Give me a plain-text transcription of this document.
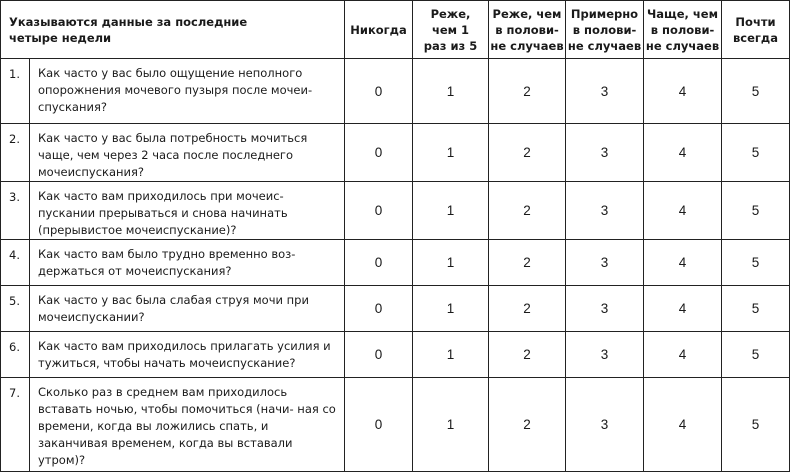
Указываются данные за последние четыре недели		Никогда	Реже, чем 1 раз из 5	Реже, чем в полови- не случаев	Примерно в полови- не случаев	Чаще, чем в полови- не случаев	Почти всегда

1.	Как часто у вас было ощущение неполного опорожнения мочевого пузыря после мочеи- спускания?	0	1	2	3	4	5
2.	Как часто у вас была потребность мочиться чаще, чем через 2 часа после последнего мочеиспускания?	0	1	2	3	4	5
3.	Как часто вам приходилось при мочеис- пускании прерываться и снова начинать (прерывистое мочеиспускание)?	0	1	2	3	4	5
4.	Как часто вам было трудно временно воз- держаться от мочеиспускания?	0	1	2	3	4	5
5.	Как часто у вас была слабая струя мочи при мочеиспускании?	0	1	2	3	4	5
6.	Как часто вам приходилось прилагать усилия и тужиться, чтобы начать мочеиспускание?	0	1	2	3	4	5
7.	Сколько раз в среднем вам приходилось вставать ночью, чтобы помочиться (начи- ная со времени, когда вы ложились спать, и заканчивая временем, когда вы вставали утром)?	0	1	2	3	4	5
